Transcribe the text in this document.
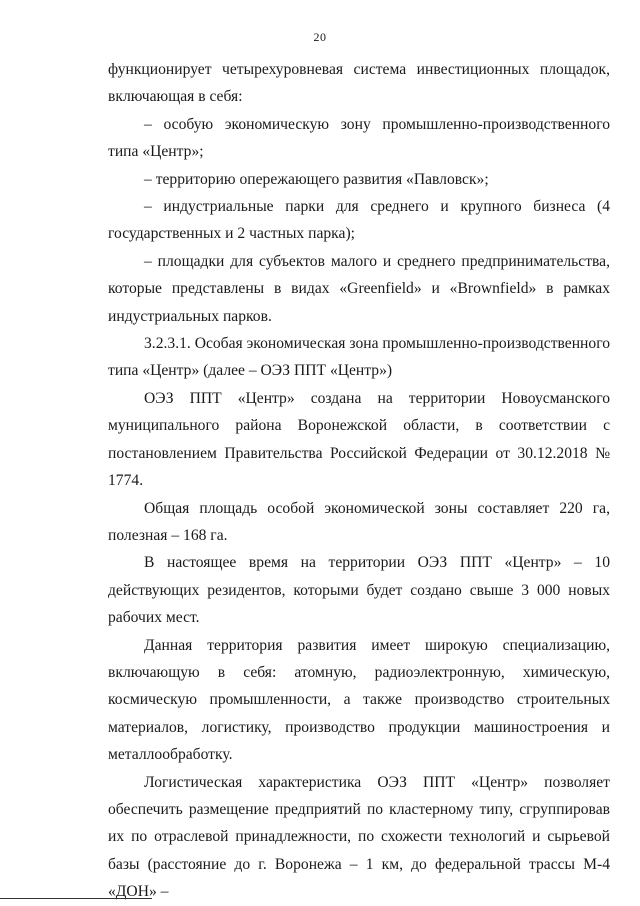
20

функционирует четырехуровневая система инвестиционных площадок, включающая в себя:

– особую экономическую зону промышленно-производственного типа «Центр»;

– территорию опережающего развития «Павловск»;

– индустриальные парки для среднего и крупного бизнеса (4 государственных и 2 частных парка);

– площадки для субъектов малого и среднего предпринимательства, которые представлены в видах «Greenfield» и «Brownfield» в рамках индустриальных парков.

3.2.3.1. Особая экономическая зона промышленно-производственного типа «Центр» (далее – ОЭЗ ППТ «Центр»)

ОЭЗ ППТ «Центр» создана на территории Новоусманского муниципального района Воронежской области, в соответствии с постановлением Правительства Российской Федерации от 30.12.2018 № 1774.

Общая площадь особой экономической зоны составляет 220 га, полезная – 168 га.

В настоящее время на территории ОЭЗ ППТ «Центр» – 10 действующих резидентов, которыми будет создано свыше 3 000 новых рабочих мест.

Данная территория развития имеет широкую специализацию, включающую в себя: атомную, радиоэлектронную, химическую, космическую промышленности, а также производство строительных материалов, логистику, производство продукции машиностроения и металлообработку.

Логистическая характеристика ОЭЗ ППТ «Центр» позволяет обеспечить размещение предприятий по кластерному типу, сгруппировав их по отраслевой принадлежности, по схожести технологий и сырьевой базы (расстояние до г. Воронежа – 1 км, до федеральной трассы М-4 «ДОН» –
